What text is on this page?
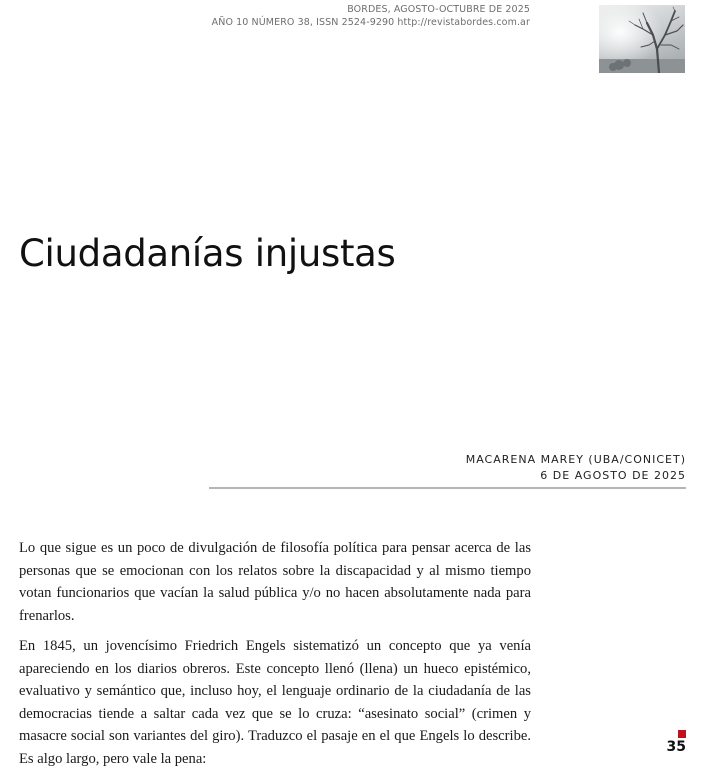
BORDES, AGOSTO-OCTUBRE DE 2025
AÑO 10 NÚMERO 38, ISSN 2524-9290 http://revistabordes.com.ar
Ciudadanías injustas
MACARENA MAREY (UBA/CONICET)
6 DE AGOSTO DE 2025

Lo que sigue es un poco de divulgación de filosofía política para pensar acerca de las personas que se emocionan con los relatos sobre la discapacidad y al mismo tiempo votan funcionarios que vacían la salud pública y/o no hacen absolutamente nada para frenarlos.

En 1845, un jovencísimo Friedrich Engels sistematizó un concepto que ya venía apareciendo en los diarios obreros. Este concepto llenó (llena) un hueco epistémico, evaluativo y semántico que, incluso hoy, el lenguaje ordinario de la ciudadanía de las democracias tiende a saltar cada vez que se lo cruza: “asesinato social” (crimen y masacre social son variantes del giro). Traduzco el pasaje en el que Engels lo describe. Es algo largo, pero vale la pena:

35
